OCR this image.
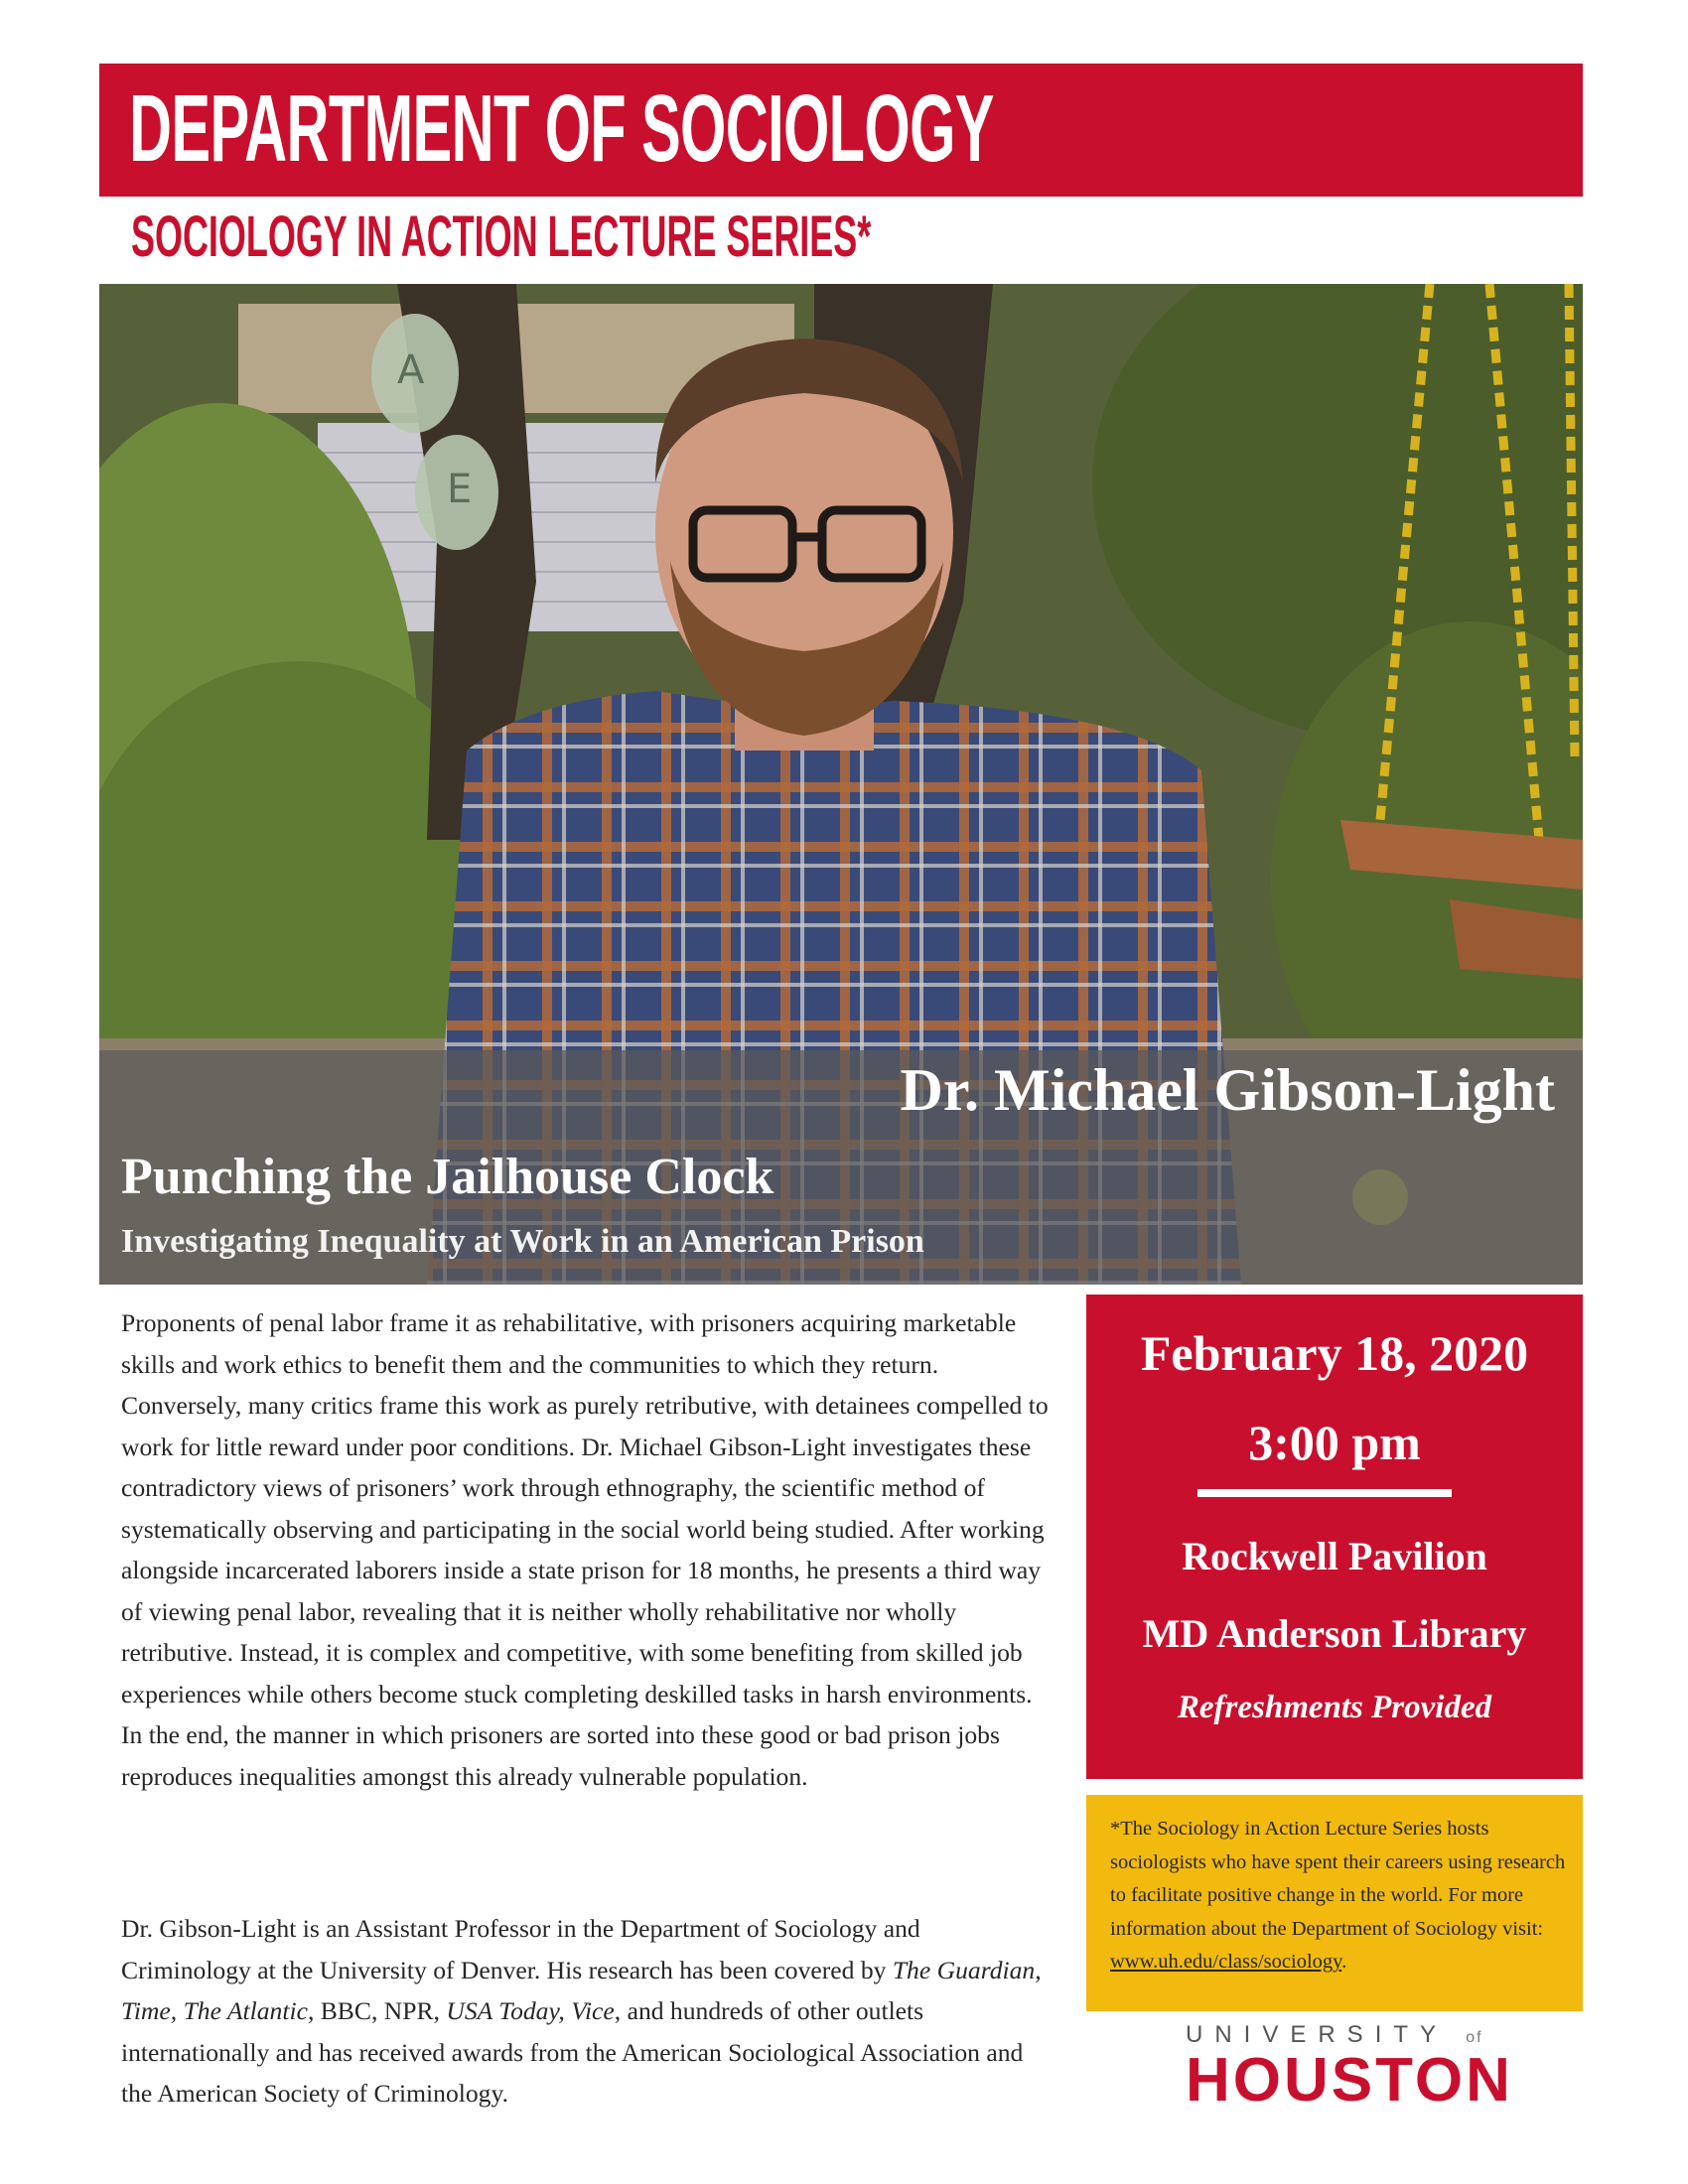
DEPARTMENT OF SOCIOLOGY
SOCIOLOGY IN ACTION LECTURE SERIES*
A
E
Dr. Michael Gibson-Light
Punching the Jailhouse Clock

Investigating Inequality at Work in an American Prison

Proponents of penal labor frame it as rehabilitative, with prisoners acquiring marketable skills and work ethics to benefit them and the communities to which they return. Conversely, many critics frame this work as purely retributive, with detainees compelled to work for little reward under poor conditions. Dr. Michael Gibson-Light investigates these contradictory views of prisoners’ work through ethnography, the scientific method of systematically observing and participating in the social world being studied. After working alongside incarcerated laborers inside a state prison for 18 months, he presents a third way of viewing penal labor, revealing that it is neither wholly rehabilitative nor wholly retributive. Instead, it is complex and competitive, with some benefiting from skilled job experiences while others become stuck completing deskilled tasks in harsh environments. In the end, the manner in which prisoners are sorted into these good or bad prison jobs reproduces inequalities amongst this already vulnerable population.

Dr. Gibson-Light is an Assistant Professor in the Department of Sociology and Criminology at the University of Denver. His research has been covered by The Guardian, Time, The Atlantic, BBC, NPR, USA Today, Vice, and hundreds of other outlets internationally and has received awards from the American Sociological Association and the American Society of Criminology.

February 18, 2020

3:00 pm

Rockwell Pavilion

MD Anderson Library

Refreshments Provided

*The Sociology in Action Lecture Series hosts sociologists who have spent their careers using research to facilitate positive change in the world. For more information about the Department of Sociology visit: www.uh.edu/class/sociology.

UNIVERSITY of

HOUSTON
